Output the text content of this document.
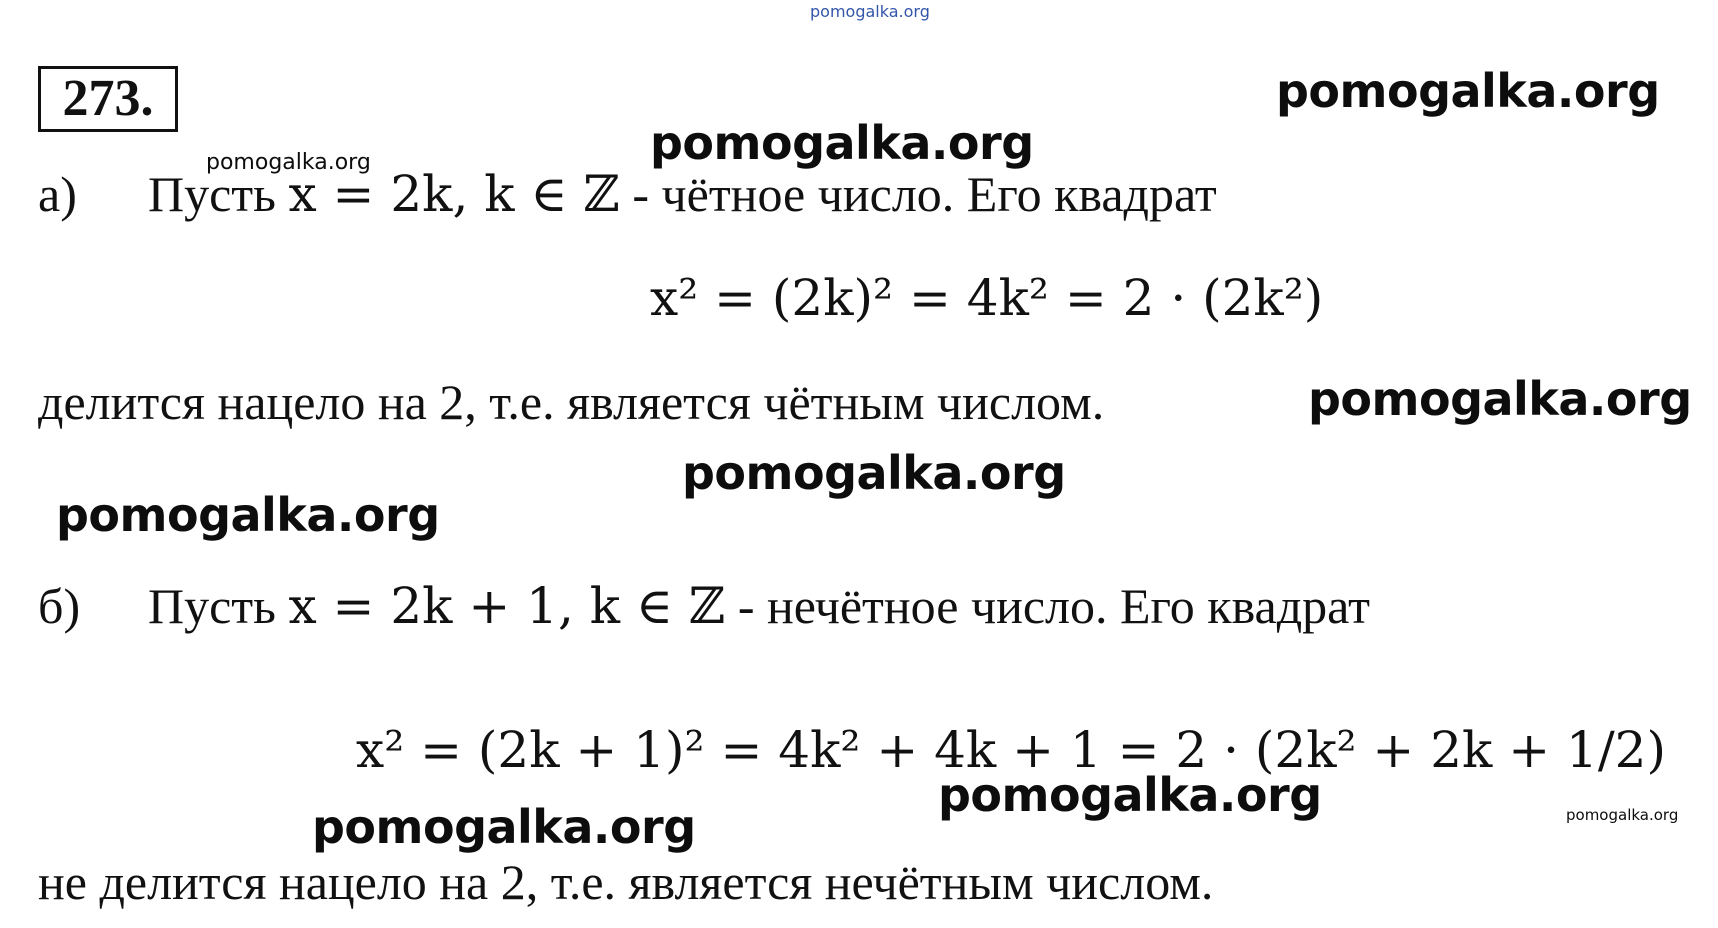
pomogalka.org
273.	pomogalka.org
pomogalka.org
pomogalka.org
а) Пусть x = 2k, k ∈ ℤ - чётное число. Его квадрат
x² = (2k)² = 4k² = 2 · (2k²)
делится нацело на 2, т.е. является чётным числом.	pomogalka.org
pomogalka.org
pomogalka.org
б) Пусть x = 2k + 1, k ∈ ℤ - нечётное число. Его квадрат
x² = (2k + 1)² = 4k² + 4k + 1 = 2 · (2k² + 2k + 1/2)
pomogalka.org	pomogalka.org
pomogalka.org
не делится нацело на 2, т.е. является нечётным числом.
